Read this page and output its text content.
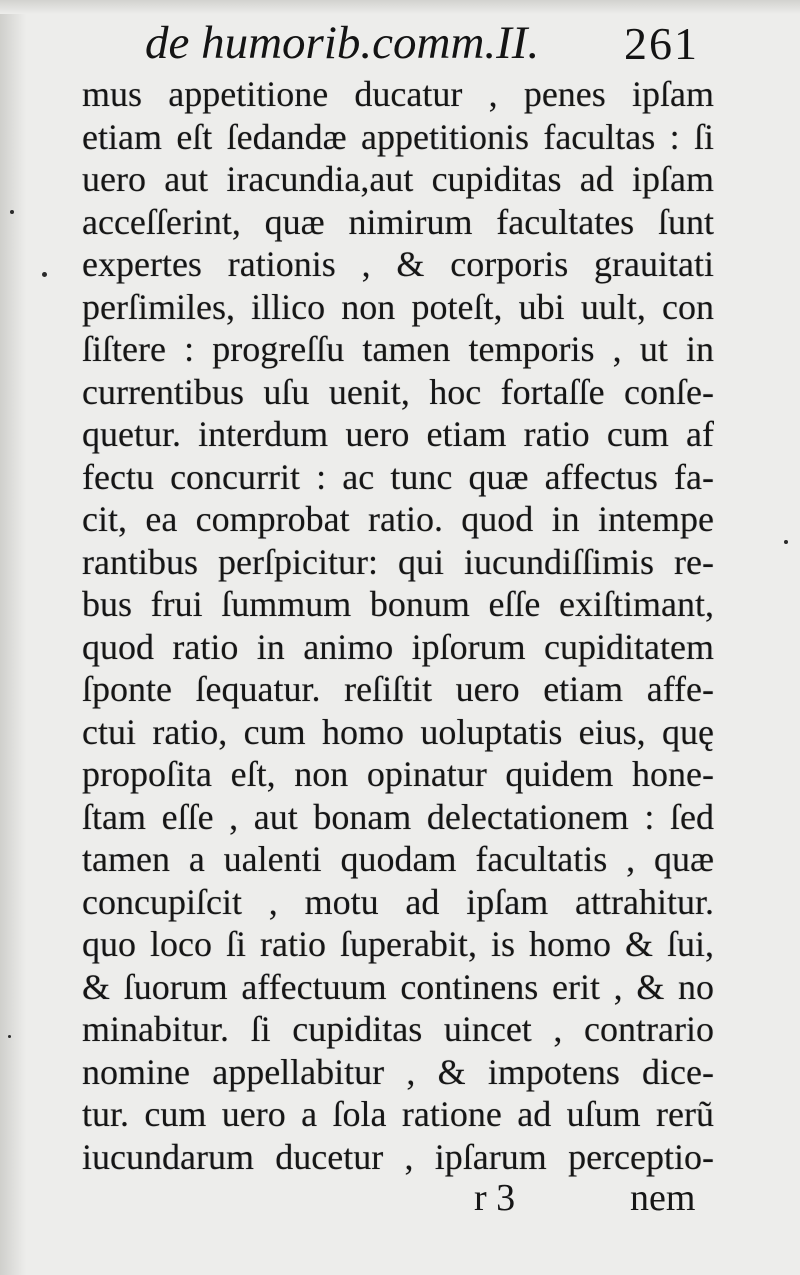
de humorib.comm.II. 261
mus appetitione ducatur , penes ipſam
etiam eſt ſedandæ appetitionis facultas : ſi
uero aut iracundia,aut cupiditas ad ipſam
acceſſerint, quæ nimirum facultates ſunt
expertes rationis , & corporis grauitati
perſimiles, illico non poteſt, ubi uult, con
ſiſtere : progreſſu tamen temporis , ut in
currentibus uſu uenit, hoc fortaſſe conſe-
quetur. interdum uero etiam ratio cum af
fectu concurrit : ac tunc quæ affectus fa-
cit, ea comprobat ratio. quod in intempe
rantibus perſpicitur: qui iucundiſſimis re-
bus frui ſummum bonum eſſe exiſtimant,
quod ratio in animo ipſorum cupiditatem
ſponte ſequatur. reſiſtit uero etiam affe-
ctui ratio, cum homo uoluptatis eius, quę
propoſita eſt, non opinatur quidem hone-
ſtam eſſe , aut bonam delectationem : ſed
tamen a ualenti quodam facultatis , quæ
concupiſcit , motu ad ipſam attrahitur.
quo loco ſi ratio ſuperabit, is homo & ſui,
& ſuorum affectuum continens erit , & no
minabitur. ſi cupiditas uincet , contrario
nomine appellabitur , & impotens dice-
tur. cum uero a ſola ratione ad uſum rerũ
iucundarum ducetur , ipſarum perceptio-
r 3	nem
